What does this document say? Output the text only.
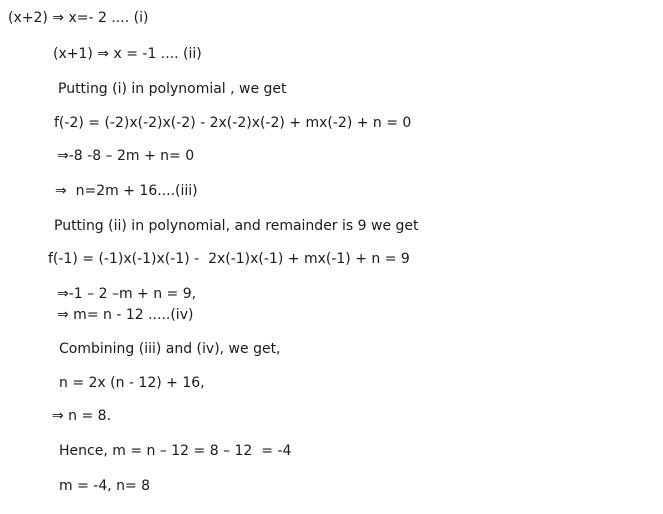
(x+2) ⇒ x=- 2 .... (i)
(x+1) ⇒ x = -1 .... (ii)
Putting (i) in polynomial , we get
f(-2) = (-2)x(-2)x(-2) - 2x(-2)x(-2) + mx(-2) + n = 0
⇒-8 -8 – 2m + n= 0
⇒  n=2m + 16....(iii)
Putting (ii) in polynomial, and remainder is 9 we get
f(-1) = (-1)x(-1)x(-1) -  2x(-1)x(-1) + mx(-1) + n = 9
⇒-1 – 2 –m + n = 9,
⇒ m= n - 12 .....(iv)
Combining (iii) and (iv), we get,
n = 2x (n - 12) + 16,
⇒ n = 8.
Hence, m = n – 12 = 8 – 12  = -4
m = -4, n= 8
